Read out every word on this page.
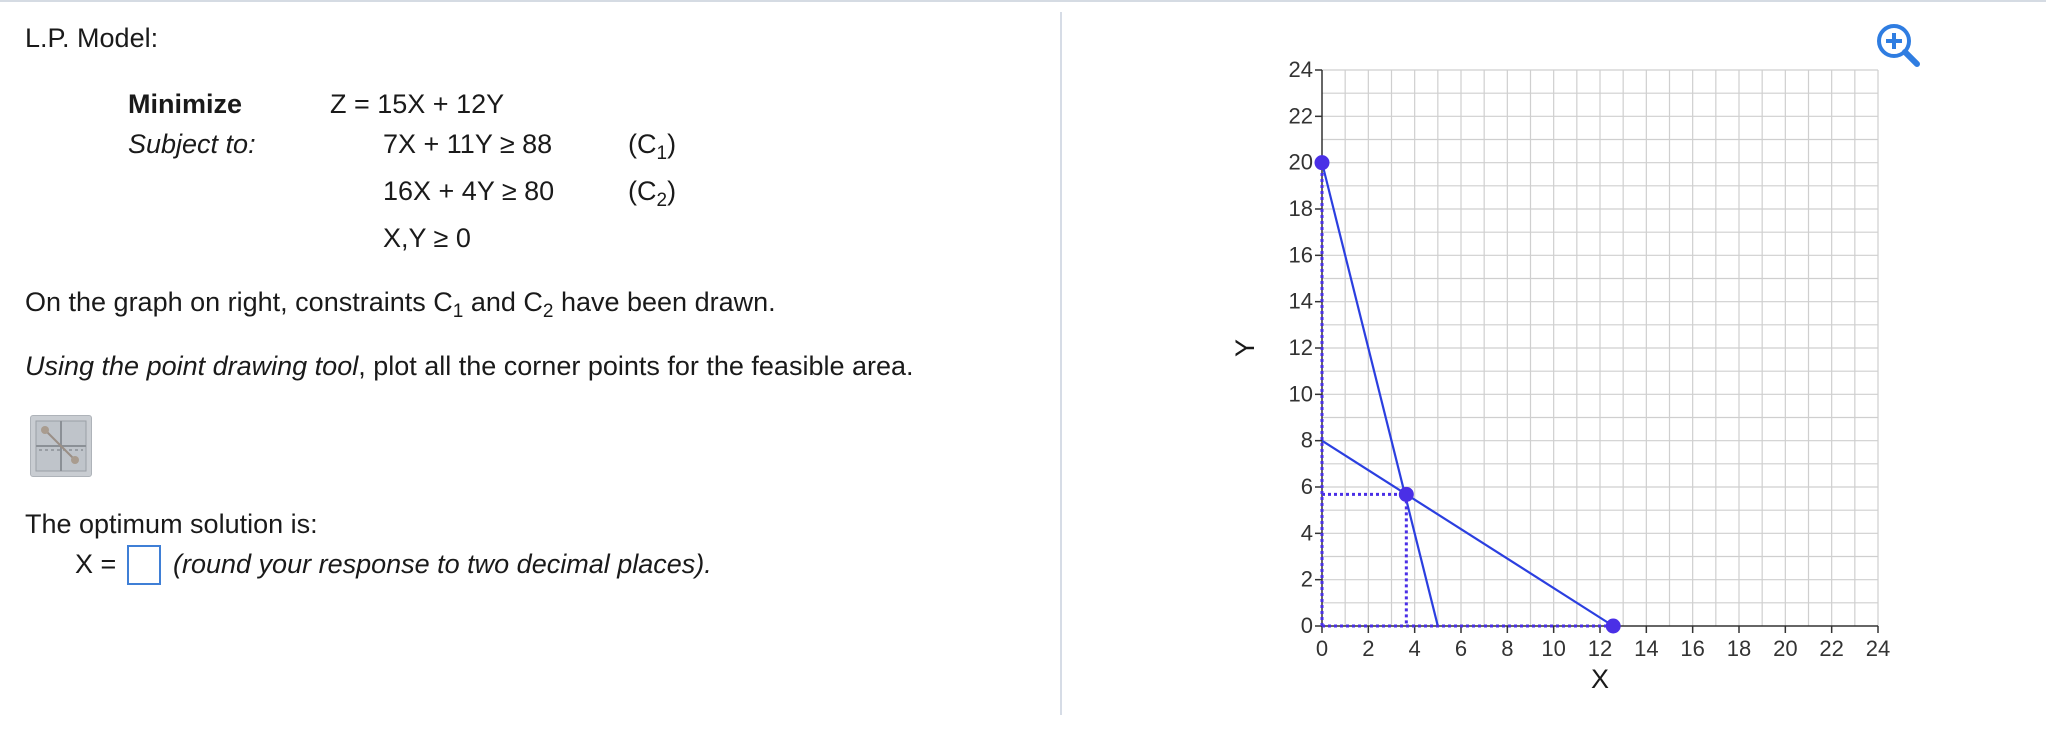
L.P. Model:
Minimize	Z = 15X + 12Y
Subject to:	7X + 11Y ≥ 88	$(C_1)$
16X + 4Y ≥ 80	$(C_2)$
X,Y ≥ 0
On the graph on right, constraints $C_1$ and $C_2$ have been drawn.
Using the point drawing tool, plot all the corner points for the feasible area.
The optimum solution is:
X = (round your response to two decimal places).
0 2 4 6 8 10 12 14 16 18 20 22 24
0
2
4
6
8
10
12
14
16
18
20
22
24
X
Y
